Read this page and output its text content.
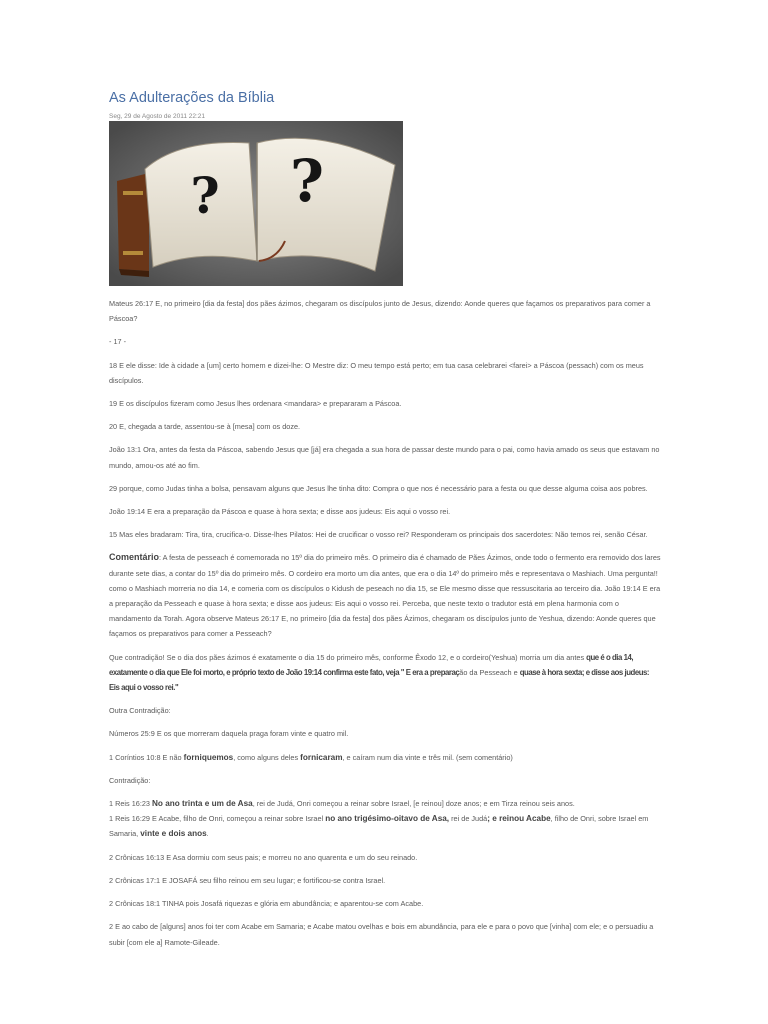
As Adulterações da Bíblia
Seg, 29 de Agosto de 2011 22:21
? ?

Mateus 26:17 E, no primeiro [dia da festa] dos pães ázimos, chegaram os discípulos junto de Jesus, dizendo: Aonde queres que façamos os preparativos para comer a Páscoa?

- 17 -

18 E ele disse: Ide à cidade a [um] certo homem e dizei-lhe: O Mestre diz: O meu tempo está perto; em tua casa celebrarei <farei> a Páscoa (pessach) com os meus discípulos.

19 E os discípulos fizeram como Jesus lhes ordenara <mandara> e prepararam a Páscoa.

20 E, chegada a tarde, assentou-se à [mesa] com os doze.

João 13:1 Ora, antes da festa da Páscoa, sabendo Jesus que [já] era chegada a sua hora de passar deste mundo para o pai, como havia amado os seus que estavam no mundo, amou-os até ao fim.

29 porque, como Judas tinha a bolsa, pensavam alguns que Jesus lhe tinha dito: Compra o que nos é necessário para a festa ou que desse alguma coisa aos pobres.

João 19:14 E era a preparação da Páscoa e quase à hora sexta; e disse aos judeus: Eis aqui o vosso rei.

15 Mas eles bradaram: Tira, tira, crucifica-o. Disse-lhes Pilatos: Hei de crucificar o vosso rei? Responderam os principais dos sacerdotes: Não temos rei, senão César.

Comentário: A festa de pesseach é comemorada no 15º dia do primeiro mês. O primeiro dia é chamado de Pães Ázimos, onde todo o fermento era removido dos lares durante sete dias, a contar do 15º dia do primeiro mês. O cordeiro era morto um dia antes, que era o dia 14º do primeiro mês e representava o Mashiach. Uma pergunta!! como o Mashiach morreria no dia 14, e comeria com os discípulos o Kidush de peseach no dia 15, se Ele mesmo disse que ressuscitaria ao terceiro dia. João 19:14 E era a preparação da Pesseach e quase à hora sexta; e disse aos judeus: Eis aqui o vosso rei. Perceba, que neste texto o tradutor está em plena harmonia com o mandamento da Torah. Agora observe Mateus 26:17 E, no primeiro [dia da festa] dos pães Ázimos, chegaram os discípulos junto de Yeshua, dizendo: Aonde queres que façamos os preparativos para comer a Pesseach?

Que contradição! Se o dia dos pães ázimos é exatamente o dia 15 do primeiro mês, conforme Êxodo 12, e o cordeiro(Yeshua) morria um dia antes que é o dia 14, exatamente o dia que Ele foi morto, e próprio texto de João 19:14 confirma este fato, veja " E era a preparação da Pesseach e quase à hora sexta; e disse aos judeus: Eis aqui o vosso rei."

Outra Contradição:

Números 25:9 E os que morreram daquela praga foram vinte e quatro mil.

1 Coríntios 10:8 E não forniquemos, como alguns deles fornicaram, e caíram num dia vinte e três mil. (sem comentário)

Contradição:

1 Reis 16:23 No ano trinta e um de Asa, rei de Judá, Onri começou a reinar sobre Israel, [e reinou] doze anos; e em Tirza reinou seis anos.

1 Reis 16:29 E Acabe, filho de Onri, começou a reinar sobre Israel no ano trigésimo-oitavo de Asa, rei de Judá; e reinou Acabe, filho de Onri, sobre Israel em Samaria, vinte e dois anos.

2 Crônicas 16:13 E Asa dormiu com seus pais; e morreu no ano quarenta e um do seu reinado.

2 Crônicas 17:1 E JOSAFÁ seu filho reinou em seu lugar; e fortificou-se contra Israel.

2 Crônicas 18:1 TINHA pois Josafá riquezas e glória em abundância; e aparentou-se com Acabe.

2 E ao cabo de [alguns] anos foi ter com Acabe em Samaria; e Acabe matou ovelhas e bois em abundância, para ele e para o povo que [vinha] com ele; e o persuadiu a subir [com ele a] Ramote-Gileade.
